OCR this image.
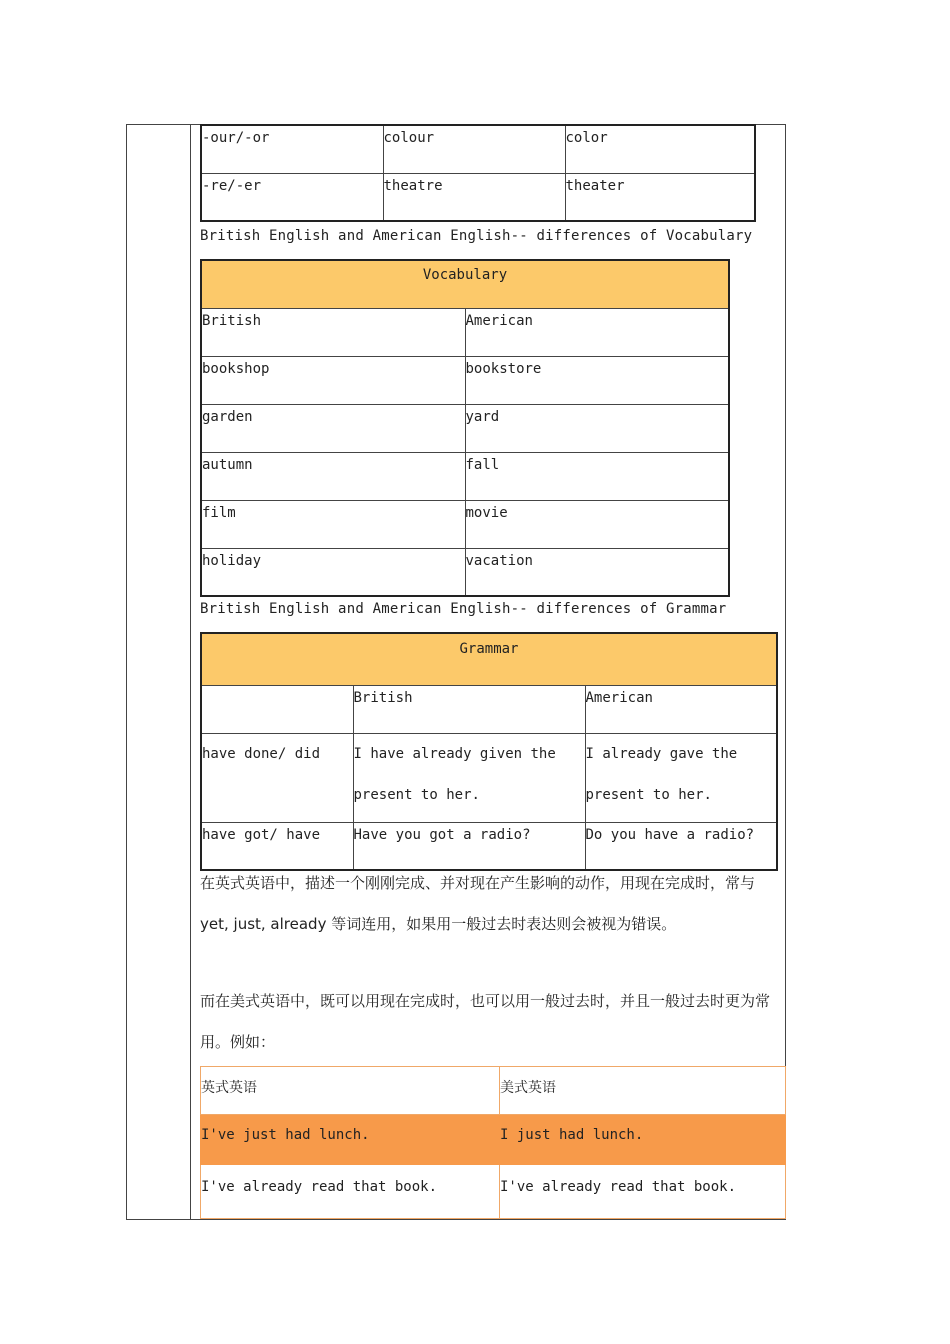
-our/-or	colour	color
-re/-er	theatre	theater
British English and American English-- differences of Vocabulary
Vocabulary	
British	American
bookshop	bookstore
garden	yard
autumn	fall
film	movie
holiday	vacation
British English and American English-- differences of Grammar
Grammar		
	British	American
have done/ did	I have already given the present to her.	I already gave the present to her.
have got/ have	Have you got a radio?	Do you have a radio?
在英式英语中，描述一个刚刚完成、并对现在产生影响的动作，用现在完成时，常与yet, just, already 等词连用，如果用一般过去时表达则会被视为错误。
而在美式英语中，既可以用现在完成时，也可以用一般过去时，并且一般过去时更为常用。例如：
英式英语	美式英语
I've just had lunch.	I just had lunch.
I've already read that book.	I've already read that book.
